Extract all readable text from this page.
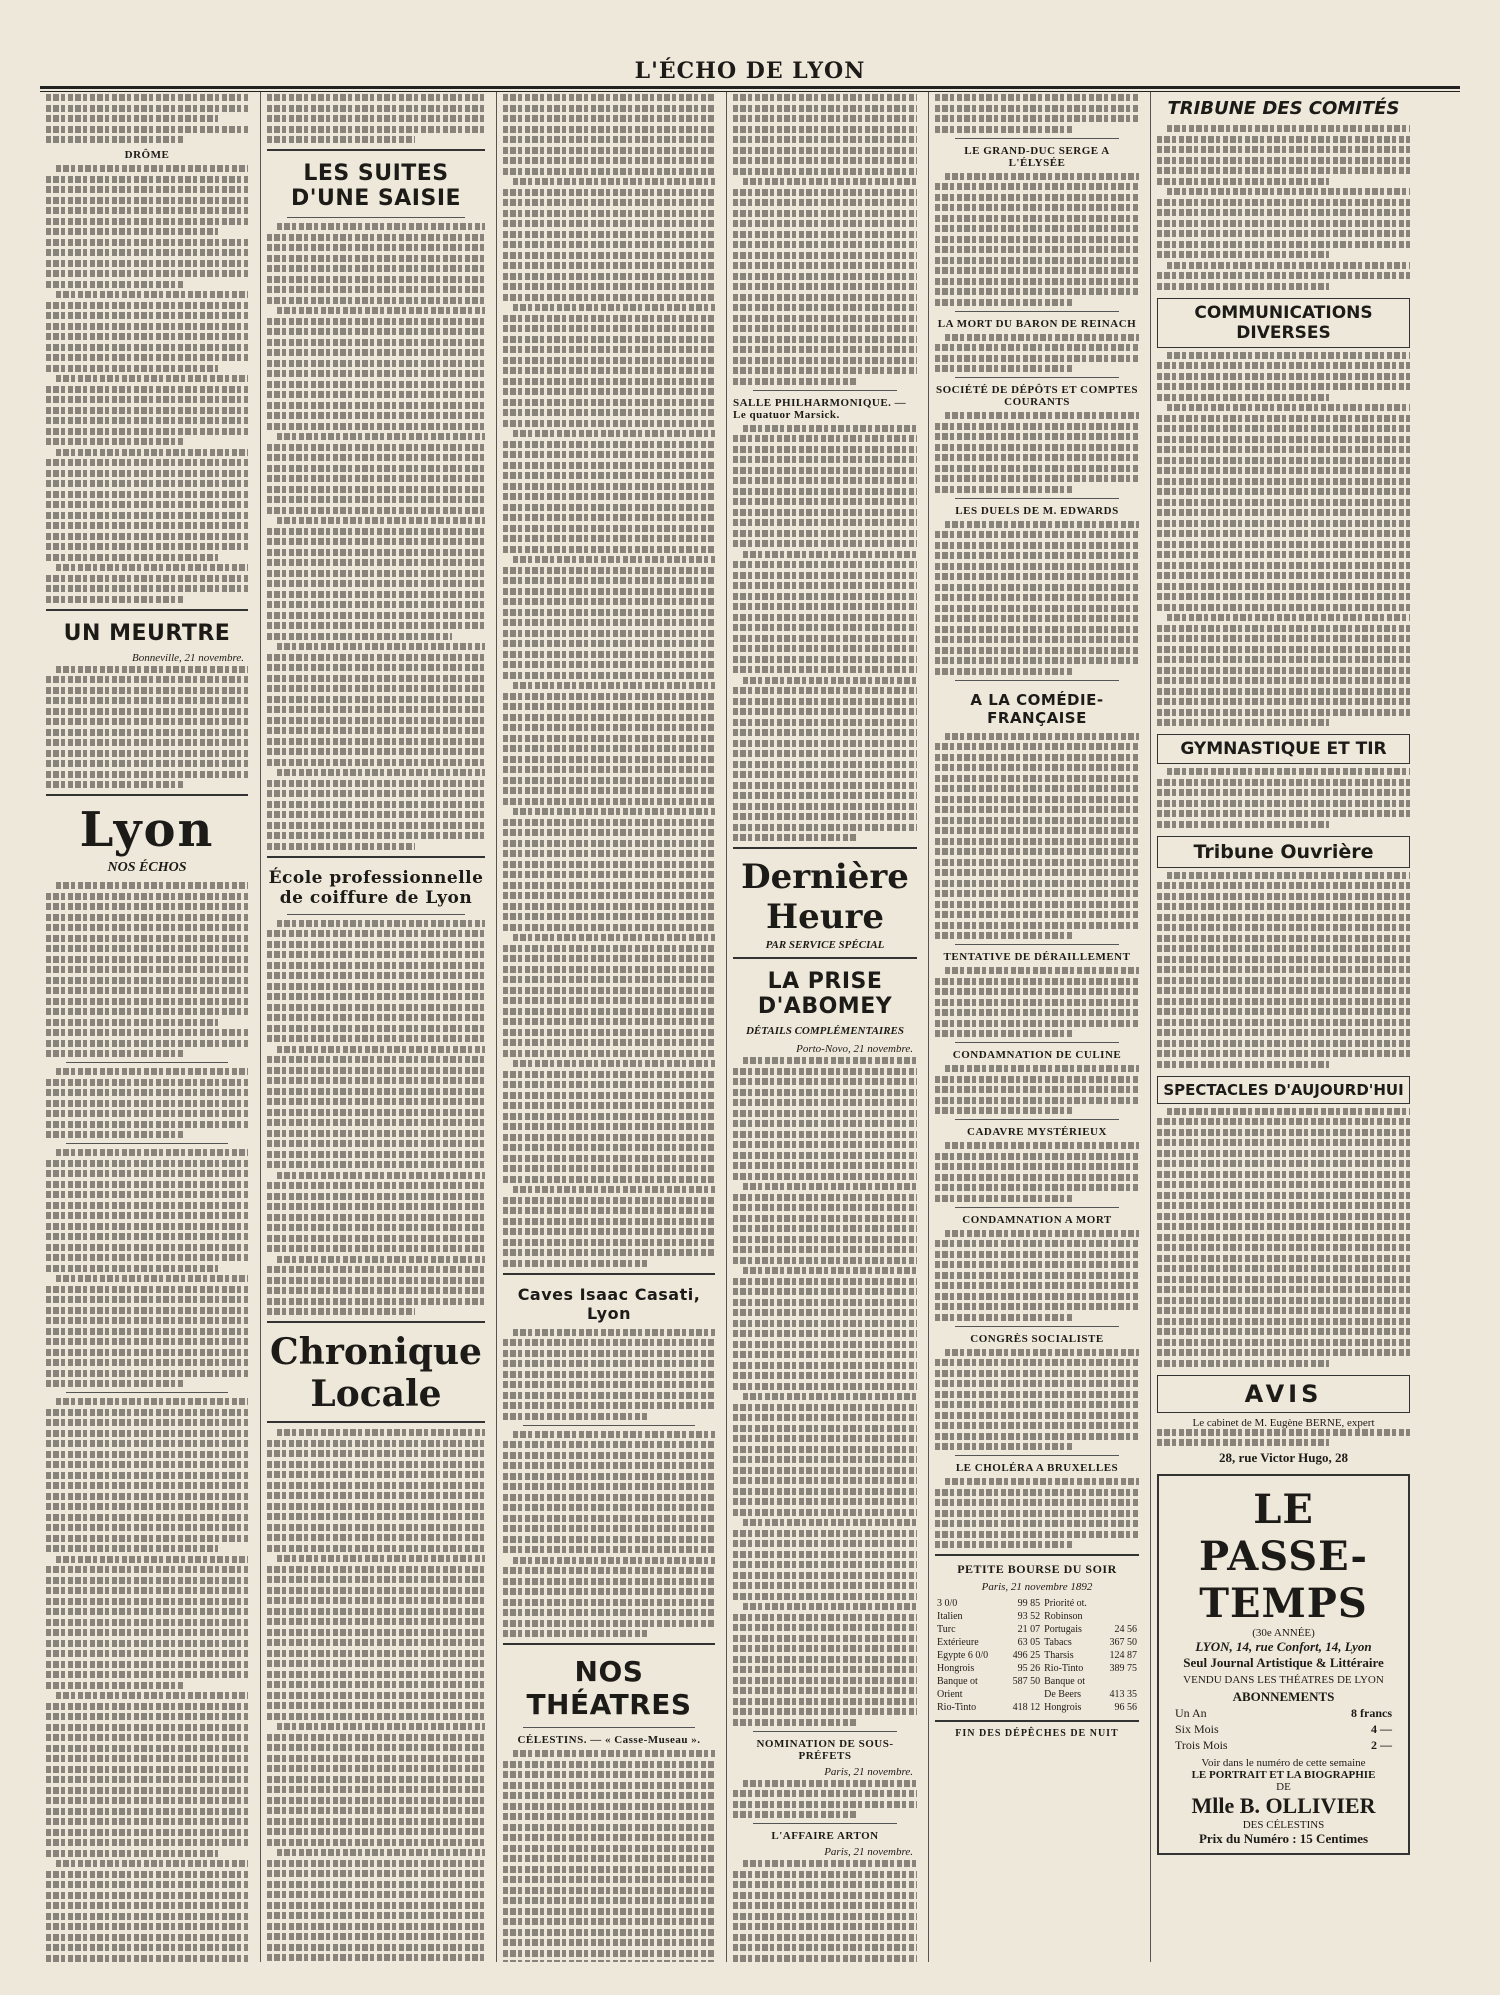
L'ÉCHO DE LYON
DRÔME
UN MEURTRE
Bonneville, 21 novembre.
Lyon
NOS ÉCHOS
LES SUITES D'UNE SAISIE
École professionnelle de coiffure de Lyon
Chronique Locale
Caves Isaac Casati, Lyon
NOS THÉATRES
CÉLESTINS. — « Casse-Museau ».
SALLE PHILHARMONIQUE. — Le quatuor Marsick.
Dernière Heure
PAR SERVICE SPÉCIAL
LA PRISE D'ABOMEY
DÉTAILS COMPLÉMENTAIRES
Porto-Novo, 21 novembre.
NOMINATION DE SOUS-PRÉFETS
Paris, 21 novembre.
L'AFFAIRE ARTON
Paris, 21 novembre.
LE GRAND-DUC SERGE A L'ÉLYSÉE
LA MORT DU BARON DE REINACH
SOCIÉTÉ DE DÉPÔTS ET COMPTES COURANTS
LES DUELS DE M. EDWARDS
A LA COMÉDIE-FRANÇAISE
TENTATIVE DE DÉRAILLEMENT
CONDAMNATION DE CULINE
CADAVRE MYSTÉRIEUX
CONDAMNATION A MORT
CONGRÈS SOCIALISTE
LE CHOLÉRA A BRUXELLES
PETITE BOURSE DU SOIR
Paris, 21 novembre 1892
3 0/0	99 85	Priorité ot.	
Italien	93 52	Robinson	
Turc	21 07	Portugais	24 56
Extérieure	63 05	Tabacs	367 50
Egypte 6 0/0	496 25	Tharsis	124 87
Hongrois	95 26	Rio-Tinto	389 75
Banque ot	587 50	Banque ot	
Orient		De Beers	413 35
Rio-Tinto	418 12	Hongrois	96 56
FIN DES DÉPÊCHES DE NUIT
TRIBUNE DES COMITÉS
COMMUNICATIONS DIVERSES
GYMNASTIQUE ET TIR
Tribune Ouvrière
SPECTACLES D'AUJOURD'HUI
AVIS
Le cabinet de M. Eugène BERNE, expert
28, rue Victor Hugo, 28
LE PASSE-TEMPS
(30e ANNÉE)
LYON, 14, rue Confort, 14, Lyon
Seul Journal Artistique & Littéraire
VENDU DANS LES THÉATRES DE LYON
ABONNEMENTS
Un An	8 francs
Six Mois	4 —
Trois Mois	2 —
Voir dans le numéro de cette semaine
LE PORTRAIT ET LA BIOGRAPHIE
DE
Mlle B. OLLIVIER
DES CÉLESTINS
Prix du Numéro : 15 Centimes
